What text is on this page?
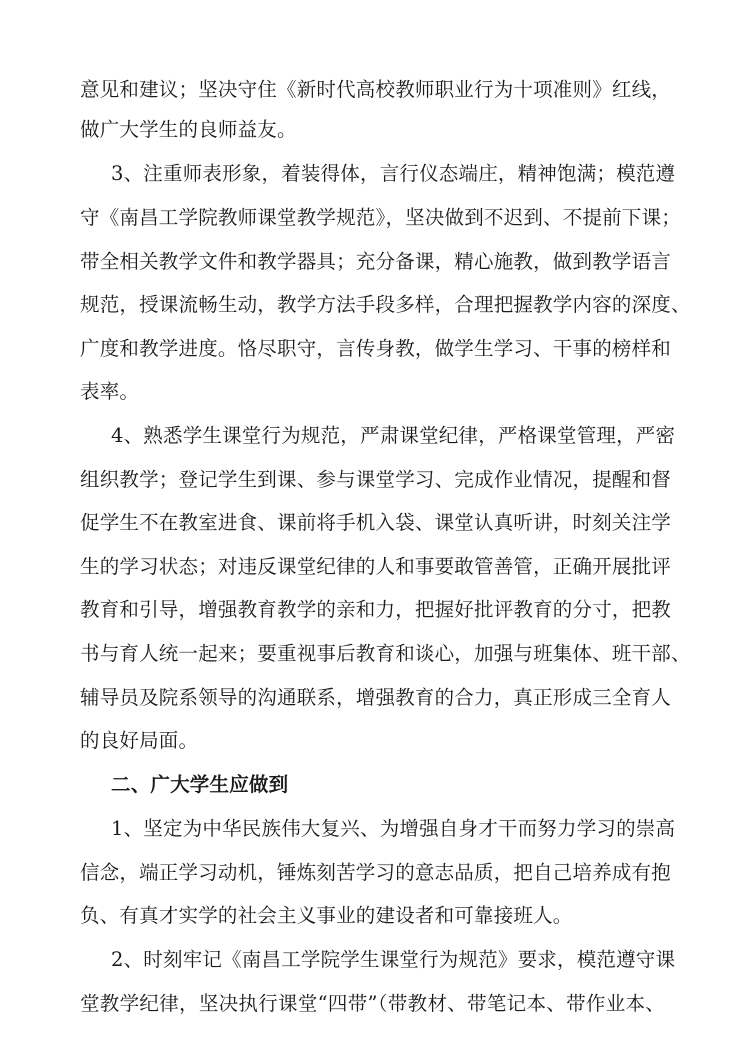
意见和建议；坚决守住《新时代高校教师职业行为十项准则》红线，
做广大学生的良师益友。
3、注重师表形象，着装得体，言行仪态端庄，精神饱满；模范遵
守《南昌工学院教师课堂教学规范》，坚决做到不迟到、不提前下课；
带全相关教学文件和教学器具；充分备课，精心施教，做到教学语言
规范，授课流畅生动，教学方法手段多样，合理把握教学内容的深度、
广度和教学进度。恪尽职守，言传身教，做学生学习、干事的榜样和
表率。
4、熟悉学生课堂行为规范，严肃课堂纪律，严格课堂管理，严密
组织教学；登记学生到课、参与课堂学习、完成作业情况，提醒和督
促学生不在教室进食、课前将手机入袋、课堂认真听讲，时刻关注学
生的学习状态；对违反课堂纪律的人和事要敢管善管，正确开展批评
教育和引导，增强教育教学的亲和力，把握好批评教育的分寸，把教
书与育人统一起来；要重视事后教育和谈心，加强与班集体、班干部、
辅导员及院系领导的沟通联系，增强教育的合力，真正形成三全育人
的良好局面。
二、广大学生应做到
1、坚定为中华民族伟大复兴、为增强自身才干而努力学习的崇高
信念，端正学习动机，锤炼刻苦学习的意志品质，把自己培养成有抱
负、有真才实学的社会主义事业的建设者和可靠接班人。
2、时刻牢记《南昌工学院学生课堂行为规范》要求，模范遵守课
堂教学纪律，坚决执行课堂“四带”（带教材、带笔记本、带作业本、
